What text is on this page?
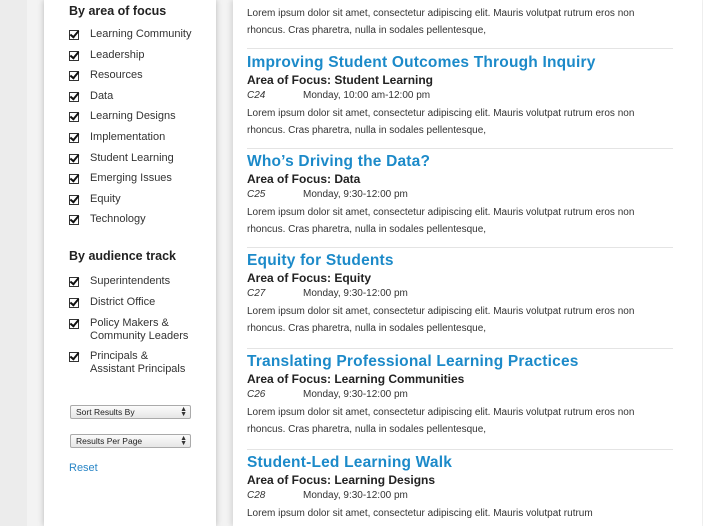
By area of focus
Learning Community
Leadership
Resources
Data
Learning Designs
Implementation
Student Learning
Emerging Issues
Equity
Technology
By audience track
Superintendents
District Office
Policy Makers & Community Leaders
Principals & Assistant Principals
Sort Results By	▲
▼
Results Per Page	▲
▼
Reset
Lorem ipsum dolor sit amet, consectetur adipiscing elit. Mauris volutpat rutrum eros non rhoncus. Cras pharetra, nulla in sodales pellentesque,
Improving Student Outcomes Through Inquiry
Area of Focus: Student Learning
C24	Monday, 10:00 am-12:00 pm
Lorem ipsum dolor sit amet, consectetur adipiscing elit. Mauris volutpat rutrum eros non rhoncus. Cras pharetra, nulla in sodales pellentesque,
Who’s Driving the Data?
Area of Focus: Data
C25	Monday, 9:30-12:00 pm
Lorem ipsum dolor sit amet, consectetur adipiscing elit. Mauris volutpat rutrum eros non rhoncus. Cras pharetra, nulla in sodales pellentesque,
Equity for Students
Area of Focus: Equity
C27	Monday, 9:30-12:00 pm
Lorem ipsum dolor sit amet, consectetur adipiscing elit. Mauris volutpat rutrum eros non rhoncus. Cras pharetra, nulla in sodales pellentesque,
Translating Professional Learning Practices
Area of Focus: Learning Communities
C26	Monday, 9:30-12:00 pm
Lorem ipsum dolor sit amet, consectetur adipiscing elit. Mauris volutpat rutrum eros non rhoncus. Cras pharetra, nulla in sodales pellentesque,
Student-Led Learning Walk
Area of Focus: Learning Designs
C28	Monday, 9:30-12:00 pm
Lorem ipsum dolor sit amet, consectetur adipiscing elit. Mauris volutpat rutrum
